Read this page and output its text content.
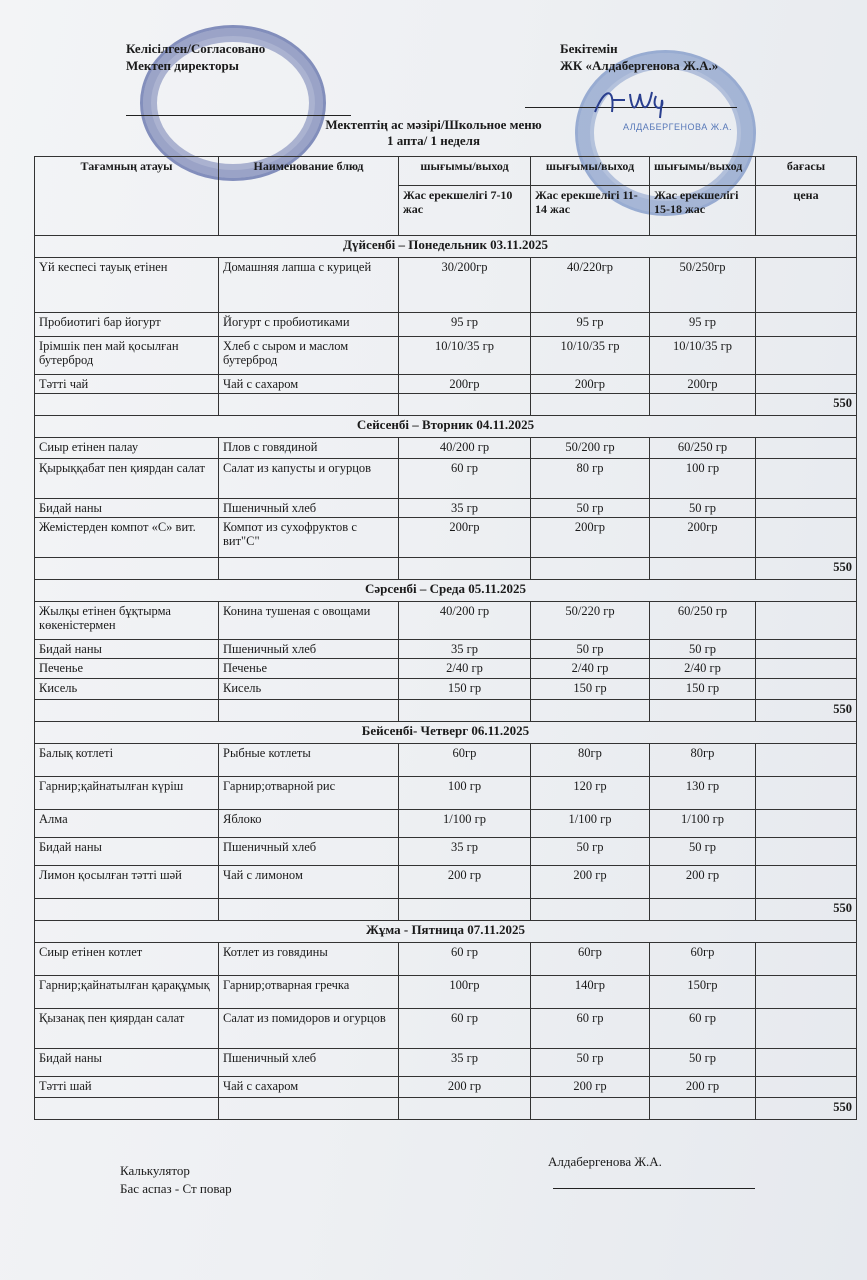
АЛДАБЕРГЕНОВА Ж.А.
Келісілген/Согласовано
Мектеп директоры
Бекітемін
ЖК «Алдабергенова Ж.А.»
Мектептің ас мәзірі/Школьное меню
1 апта/ 1 неделя
Тағамның атауы	Наименование блюд	шығымы/выход	шығымы/выход	шығымы/выход	бағасы
		Жас ерекшелігі 7-10 жас	Жас ерекшелігі 11-14 жас	Жас ерекшелігі 15-18 жас	цена
Дүйсенбі – Понедельник 03.11.2025					
Үй кеспесі тауық етінен	Домашняя лапша с курицей	30/200гр	40/220гр	50/250гр	
Пробиотигі бар йогурт	Йогурт с пробиотиками	95 гр	95 гр	95 гр	
Ірімшік пен май қосылған бутерброд	Хлеб с сыром и маслом бутерброд	10/10/35 гр	10/10/35 гр	10/10/35 гр	
Тәтті чай	Чай с сахаром	200гр	200гр	200гр	
					550
Сейсенбі – Вторник 04.11.2025					
Сиыр етінен палау	Плов с говядиной	40/200 гр	50/200 гр	60/250 гр	
Қырыққабат пен қиярдан салат	Салат из капусты и огурцов	60 гр	80 гр	100 гр	
Бидай наны	Пшеничный хлеб	35 гр	50 гр	50 гр	
Жемістерден компот «С» вит.	Компот из сухофруктов с вит"С"	200гр	200гр	200гр	
					550
Сәрсенбі – Среда 05.11.2025					
Жылқы етінен бұқтырма көкеністермен	Конина тушеная с овощами	40/200 гр	50/220 гр	60/250 гр	
Бидай наны	Пшеничный хлеб	35 гр	50 гр	50 гр	
Печенье	Печенье	2/40 гр	2/40 гр	2/40 гр	
Кисель	Кисель	150 гр	150 гр	150 гр	
					550
Бейсенбі- Четверг 06.11.2025					
Балық котлеті	Рыбные котлеты	60гр	80гр	80гр	
Гарнир;қайнатылған күріш	Гарнир;отварной рис	100 гр	120 гр	130 гр	
Алма	Яблоко	1/100 гр	1/100 гр	1/100 гр	
Бидай наны	Пшеничный хлеб	35 гр	50 гр	50 гр	
Лимон қосылған тәтті шәй	Чай с лимоном	200 гр	200 гр	200 гр	
					550
Жұма - Пятница 07.11.2025					
Сиыр етінен котлет	Котлет из говядины	60 гр	60гр	60гр	
Гарнир;қайнатылған қарақұмық	Гарнир;отварная гречка	100гр	140гр	150гр	
Қызанақ пен қиярдан салат	Салат из помидоров и огурцов	60 гр	60 гр	60 гр	
Бидай наны	Пшеничный хлеб	35 гр	50 гр	50 гр	
Тәтті шай	Чай с сахаром	200 гр	200 гр	200 гр	
					550
Калькулятор
Бас аспаз - Ст повар
Алдабергенова Ж.А.
